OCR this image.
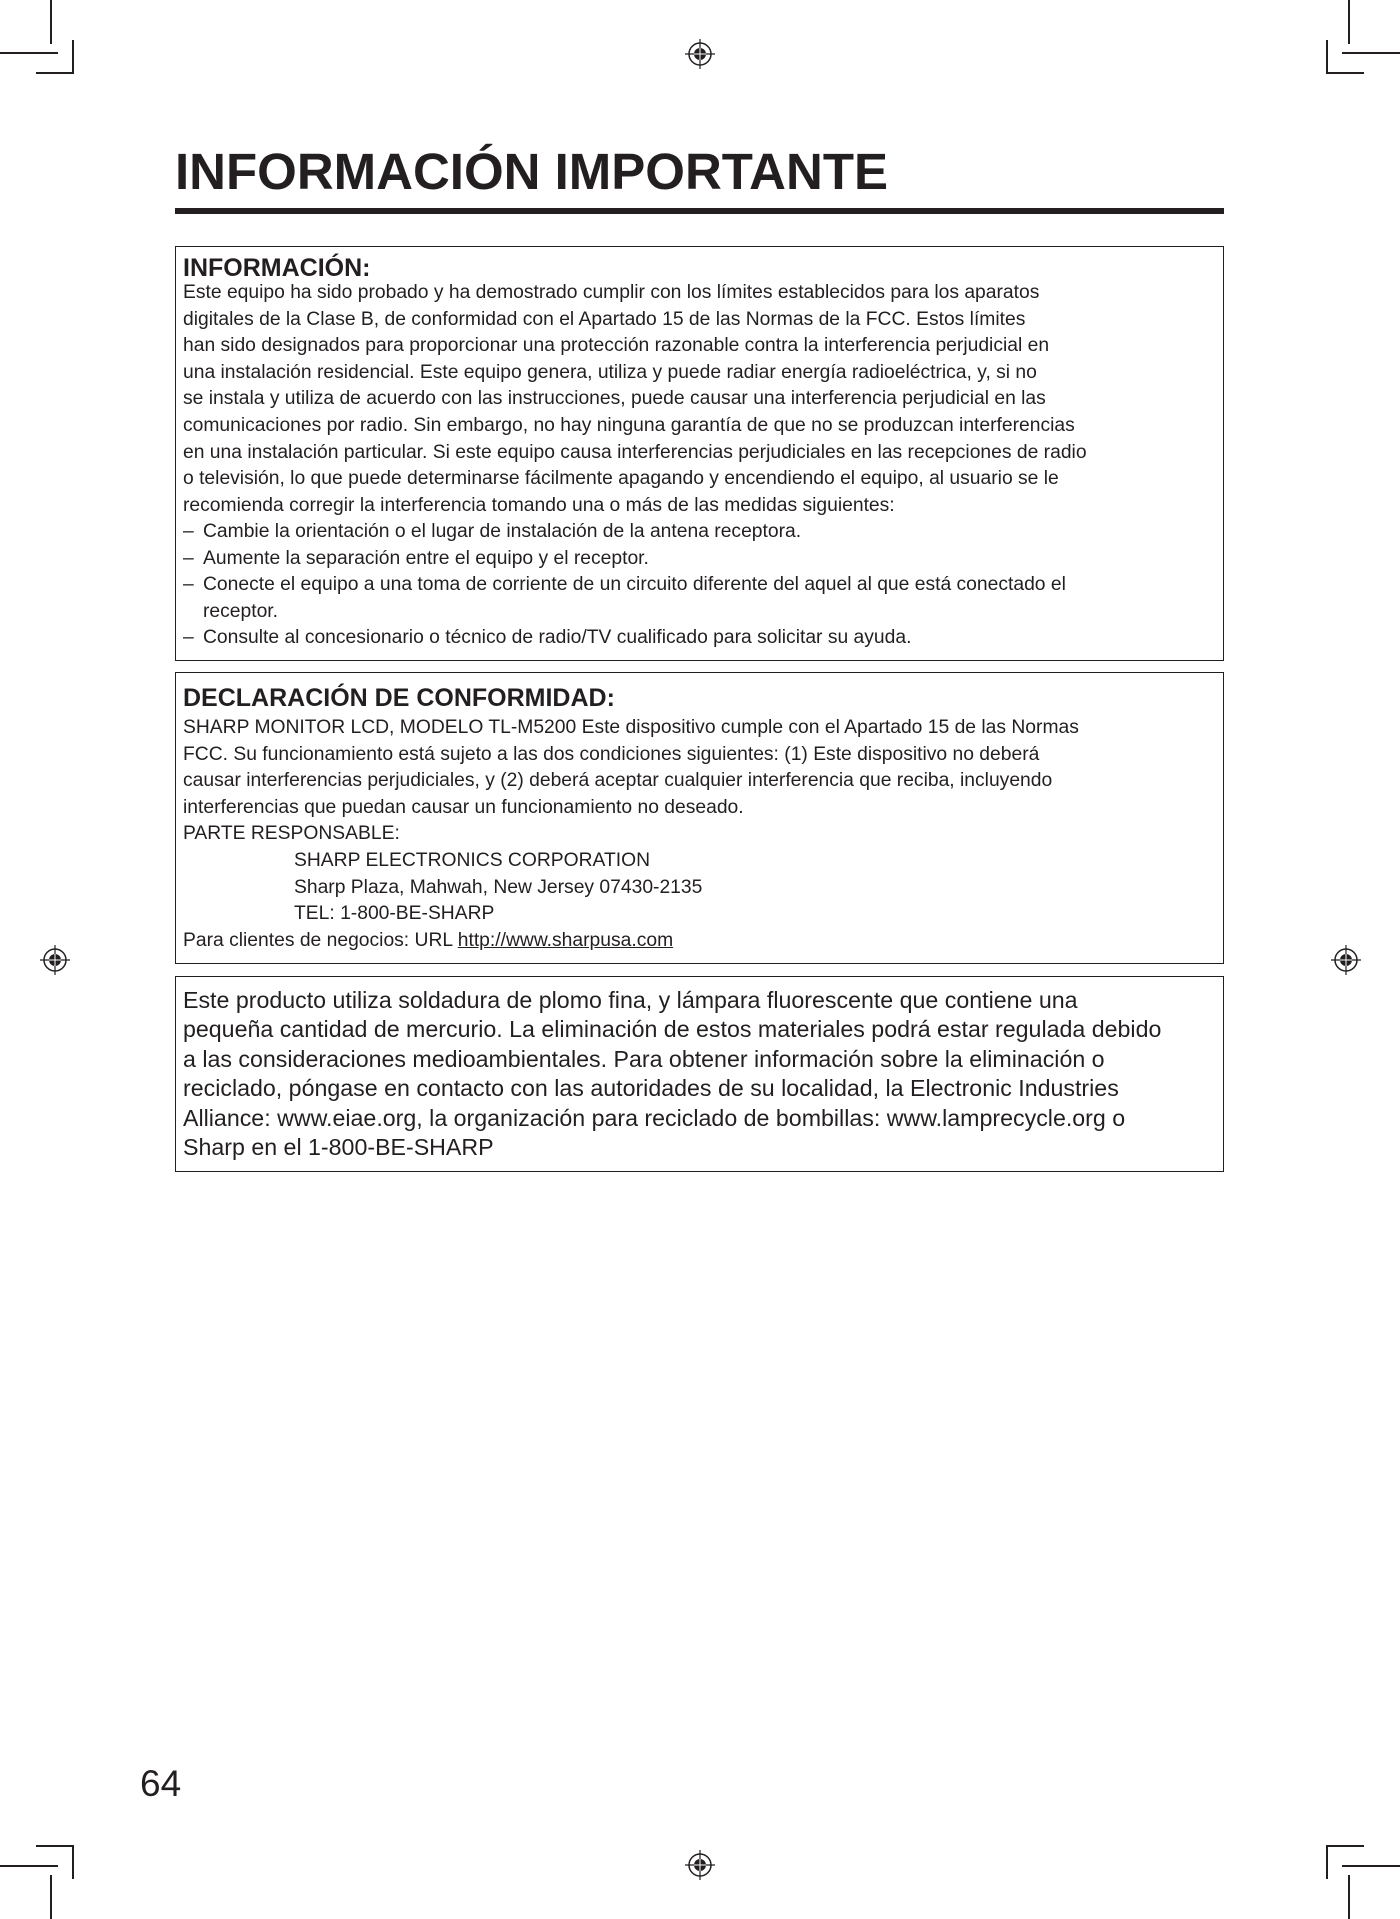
INFORMACIÓN IMPORTANTE
INFORMACIÓN:

Este equipo ha sido probado y ha demostrado cumplir con los límites establecidos para los aparatos
digitales de la Clase B, de conformidad con el Apartado 15 de las Normas de la FCC. Estos límites
han sido designados para proporcionar una protección razonable contra la interferencia perjudicial en
una instalación residencial. Este equipo genera, utiliza y puede radiar energía radioeléctrica, y, si no
se instala y utiliza de acuerdo con las instrucciones, puede causar una interferencia perjudicial en las
comunicaciones por radio. Sin embargo, no hay ninguna garantía de que no se produzcan interferencias
en una instalación particular. Si este equipo causa interferencias perjudiciales en las recepciones de radio
o televisión, lo que puede determinarse fácilmente apagando y encendiendo el equipo, al usuario se le
recomienda corregir la interferencia tomando una o más de las medidas siguientes:

– Cambie la orientación o el lugar de instalación de la antena receptora.
– Aumente la separación entre el equipo y el receptor.
– Conecte el equipo a una toma de corriente de un circuito diferente del aquel al que está conectado el
receptor.
– Consulte al concesionario o técnico de radio/TV cualificado para solicitar su ayuda.
DECLARACIÓN DE CONFORMIDAD:
SHARP MONITOR LCD, MODELO TL-M5200 Este dispositivo cumple con el Apartado 15 de las Normas
FCC. Su funcionamiento está sujeto a las dos condiciones siguientes: (1) Este dispositivo no deberá
causar interferencias perjudiciales, y (2) deberá aceptar cualquier interferencia que reciba, incluyendo
interferencias que puedan causar un funcionamiento no deseado.
PARTE RESPONSABLE:
SHARP ELECTRONICS CORPORATION
Sharp Plaza, Mahwah, New Jersey 07430-2135
TEL: 1-800-BE-SHARP
Para clientes de negocios: URL http://www.sharpusa.com

Este producto utiliza soldadura de plomo fina, y lámpara fluorescente que contiene una
pequeña cantidad de mercurio. La eliminación de estos materiales podrá estar regulada debido
a las consideraciones medioambientales. Para obtener información sobre la eliminación o
reciclado, póngase en contacto con las autoridades de su localidad, la Electronic Industries
Alliance: www.eiae.org, la organización para reciclado de bombillas: www.lamprecycle.org o
Sharp en el 1-800-BE-SHARP

64
